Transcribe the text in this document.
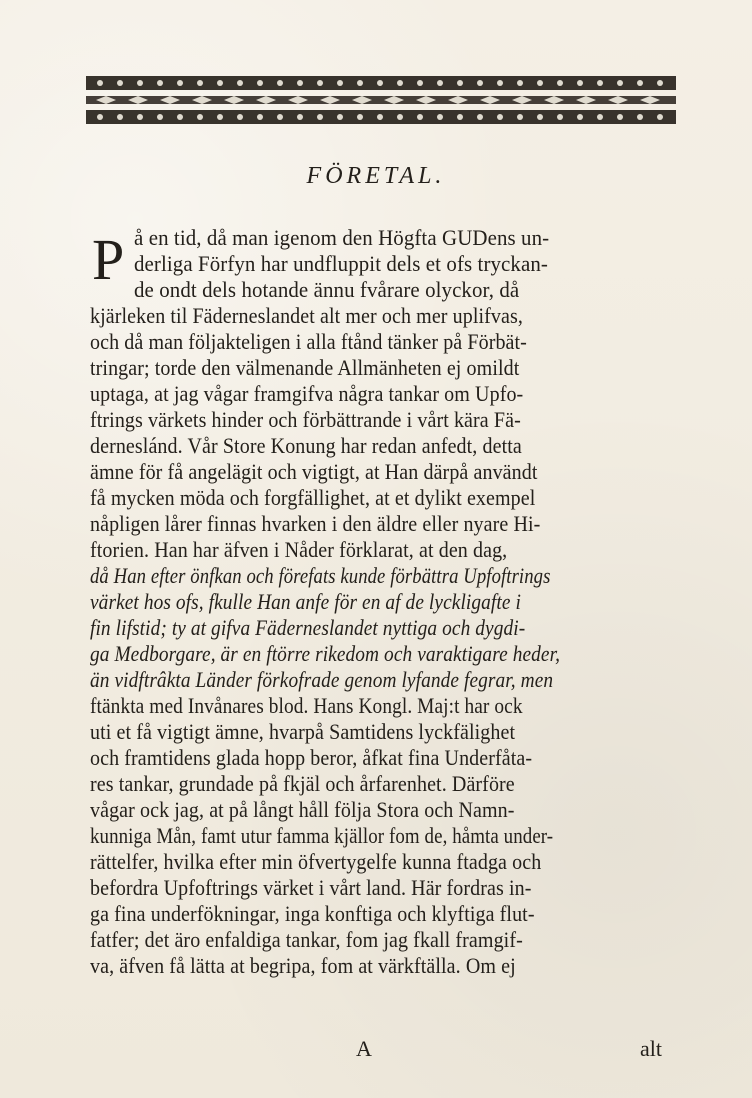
FÖRETAL.
P å en tid, då man igenom den Högfta GUDens un-

derliga Förfyn har undfluppit dels et ofs tryckan-

de ondt dels hotande ännu fvårare olyckor, då

kjärleken til Fäderneslandet alt mer och mer uplifvas,

och då man följakteligen i alla ftånd tänker på Förbät-

tringar; torde den välmenande Allmänheten ej omildt

uptaga, at jag vågar framgifva några tankar om Upfo-

ftrings värkets hinder och förbättrande i vårt kära Fä-

derneslánd. Vår Store Konung har redan anfedt, detta

ämne för få angelägit och vigtigt, at Han därpå användt

få mycken möda och forgfällighet, at et dylikt exempel

nåpligen lårer finnas hvarken i den äldre eller nyare Hi-

ftorien. Han har äfven i Nåder förklarat, at den dag,

då Han efter önfkan och förefats kunde förbättra Upfoftrings

värket hos ofs, fkulle Han anfe för en af de lyckligafte i

fin lifstid; ty at gifva Fäderneslandet nyttiga och dygdi-

ga Medborgare, är en ftörre rikedom och varaktigare heder,

än vidftrâkta Länder förkofrade genom lyfande fegrar, men

ftänkta med Invånares blod. Hans Kongl. Maj:t har ock

uti et få vigtigt ämne, hvarpå Samtidens lyckfälighet

och framtidens glada hopp beror, åfkat fina Underfåta-

res tankar, grundade på fkjäl och årfarenhet. Därföre

vågar ock jag, at på långt håll följa Stora och Namn-

kunniga Mån, famt utur famma kjällor fom de, håmta under-

rättelfer, hvilka efter min öfvertygelfe kunna ftadga och

befordra Upfoftrings värket i vårt land. Här fordras in-

ga fina underfökningar, inga konftiga och klyftiga flut-

fatfer; det äro enfaldiga tankar, fom jag fkall framgif-

va, äfven få lätta at begripa, fom at värkftälla. Om ej

A	alt
